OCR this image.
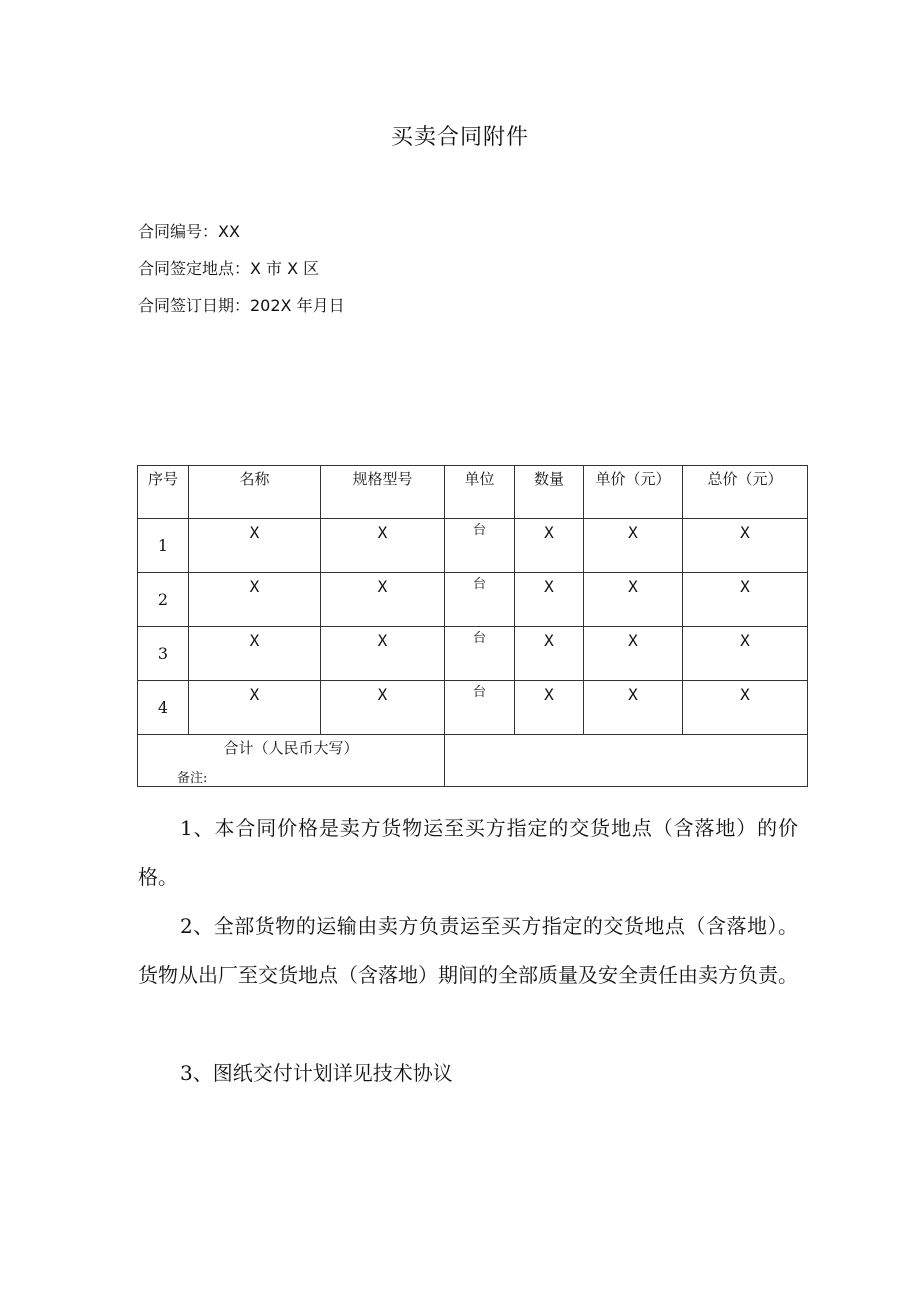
买卖合同附件
合同编号：XX
合同签定地点：X 市 X 区
合同签订日期：202X 年月日
序号	名称	规格型号	单位	数量	单价（元）	总价（元）
1	X	X	台	X	X	X
2	X	X	台	X	X	X
3	X	X	台	X	X	X
4	X	X	台	X	X	X
合计（人民币大写）						
备注:
1、本合同价格是卖方货物运至买方指定的交货地点（含落地）的价格。
2、全部货物的运输由卖方负责运至买方指定的交货地点（含落地）。货物从出厂至交货地点（含落地）期间的全部质量及安全责任由卖方负责。
3、图纸交付计划详见技术协议
